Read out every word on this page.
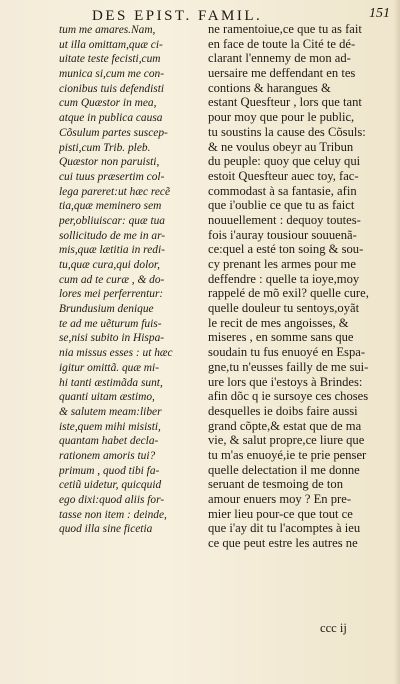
DES EPIST. FAMIL.	151
tum me amares.Nam,
ut illa omittam,quæ ci-
uitate teste fecisti,cum
munica si,cum me con-
cionibus tuis defendisti
cum Quæstor in mea,
atque in publica causa
Cõsulum partes suscep-
pisti,cum Trib. pleb.
Quæstor non paruisti,
cui tuus præsertim col-
lega pareret:ut hæc recẽ
tia,quæ meminero sem
per,obliuiscar: quæ tua
sollicitudo de me in ar-
mis,quæ lætitia in redi-
tu,quæ cura,qui dolor,
cum ad te curæ , & do-
lores mei perferrentur:
Brundusium denique
te ad me uẽturum fuis-
se,nisi subito in Hispa-
nia missus esses : ut hæc
igitur omittã. quæ mi-
hi tanti æstimãda sunt,
quanti uitam æstimo,
& salutem meam:liber
iste,quem mihi misisti,
quantam habet decla-
rationem amoris tui?
primum , quod tibi fa-
cetiũ uidetur, quicquid
ego dixi:quod aliis for-
tasse non item : deinde,
quod illa sine ficetia
ne ramentoiue,ce que tu as fait
en face de toute la Cité te dé-
clarant l'ennemy de mon ad-
uersaire me deffendant en tes
contions & harangues &
estant Quesfteur , lors que tant
pour moy que pour le public,
tu soustins la cause des Cõsuls:
& ne voulus obeyr au Tribun
du peuple: quoy que celuy qui
estoit Quesfteur auec toy, fac-
commodast à sa fantasie, afin
que i'oublie ce que tu as faict
nouuellement : dequoy toutes-
fois i'auray tousiour souuenã-
ce:quel a esté ton soing & sou-
cy prenant les armes pour me
deffendre : quelle ta ioye,moy
rappelé de mõ exil? quelle cure,
quelle douleur tu sentoys,oyãt
le recit de mes angoisses, &
miseres , en somme sans que
soudain tu fus enuoyé en Espa-
gne,tu n'eusses failly de me sui-
ure lors que i'estoys à Brindes:
afin dõc q ie sursoye ces choses
desquelles ie doibs faire aussi
grand cõpte,& estat que de ma
vie, & salut propre,ce liure que
tu m'as enuoyé,ie te prie penser
quelle delectation il me donne
seruant de tesmoing de ton
amour enuers moy ? En pre-
mier lieu pour-ce que tout ce
que i'ay dit tu l'acomptes à ieu
ce que peut estre les autres ne
ccc ij
